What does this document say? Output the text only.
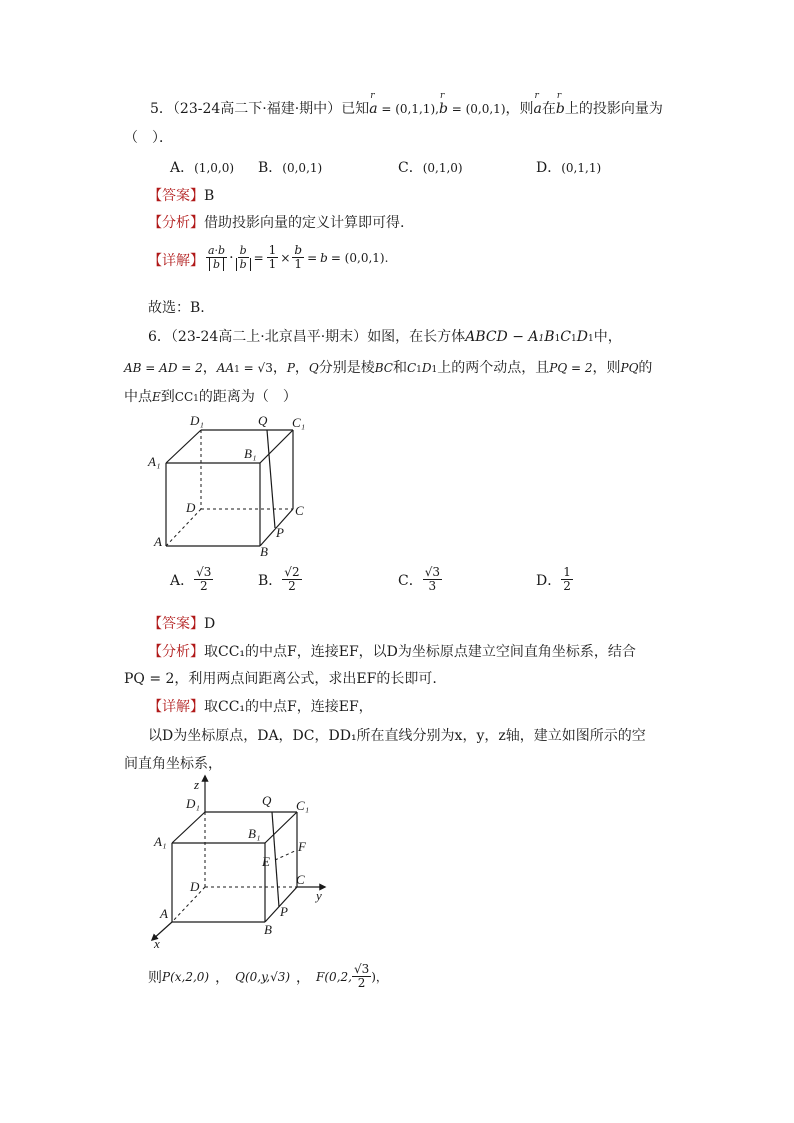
5．（23-24高二下·福建·期中）已知r a = (0,1,1),r b = (0,0,1)，则r a在r b上的投影向量为
（　）．
A．(1,0,0) B．(0,0,1)	C．(0,1,0)	D．(0,1,1)
【答案】B
【分析】借助投影向量的定义计算即可得.
【详解】 $\frac{a\cdot b}{b} \cdot \frac{b}{b} = \frac{1}{1} \times \frac{b}{1} = b = (0,0,1)$.
故选：B.
6．（23-24高二上·北京昌平·期末）如图，在长方体ABCD − A1B1C1D1中，
AB = AD = 2，AA1 = √3，P，Q分别是棱BC和C1D1上的两个动点，且PQ = 2，则PQ的
中点E到CC1的距离为（　）
D₁	Q C₁
A₁
B₁
D	C
P
A
B
A． $\frac{√3}{2}$	B． $\frac{√2}{2}$	C． $\frac{√3}{3}$	D． $\frac{1}{2}$
【答案】D
【分析】取CC₁的中点F，连接EF，以D为坐标原点建立空间直角坐标系，结合
PQ = 2，利用两点间距离公式，求出EF的长即可.
【详解】取CC₁的中点F，连接EF，
以D为坐标原点，DA，DC，DD₁所在直线分别为x，y，z轴，建立如图所示的空
间直角坐标系，
z
D₁	Q C₁
A₁
B₁
F
E
D	C
y
A	P
B
x
则 P(x,2,0) ， Q(0,y,√3) ， F(0,2, $\frac{√3}{2}$ )，
